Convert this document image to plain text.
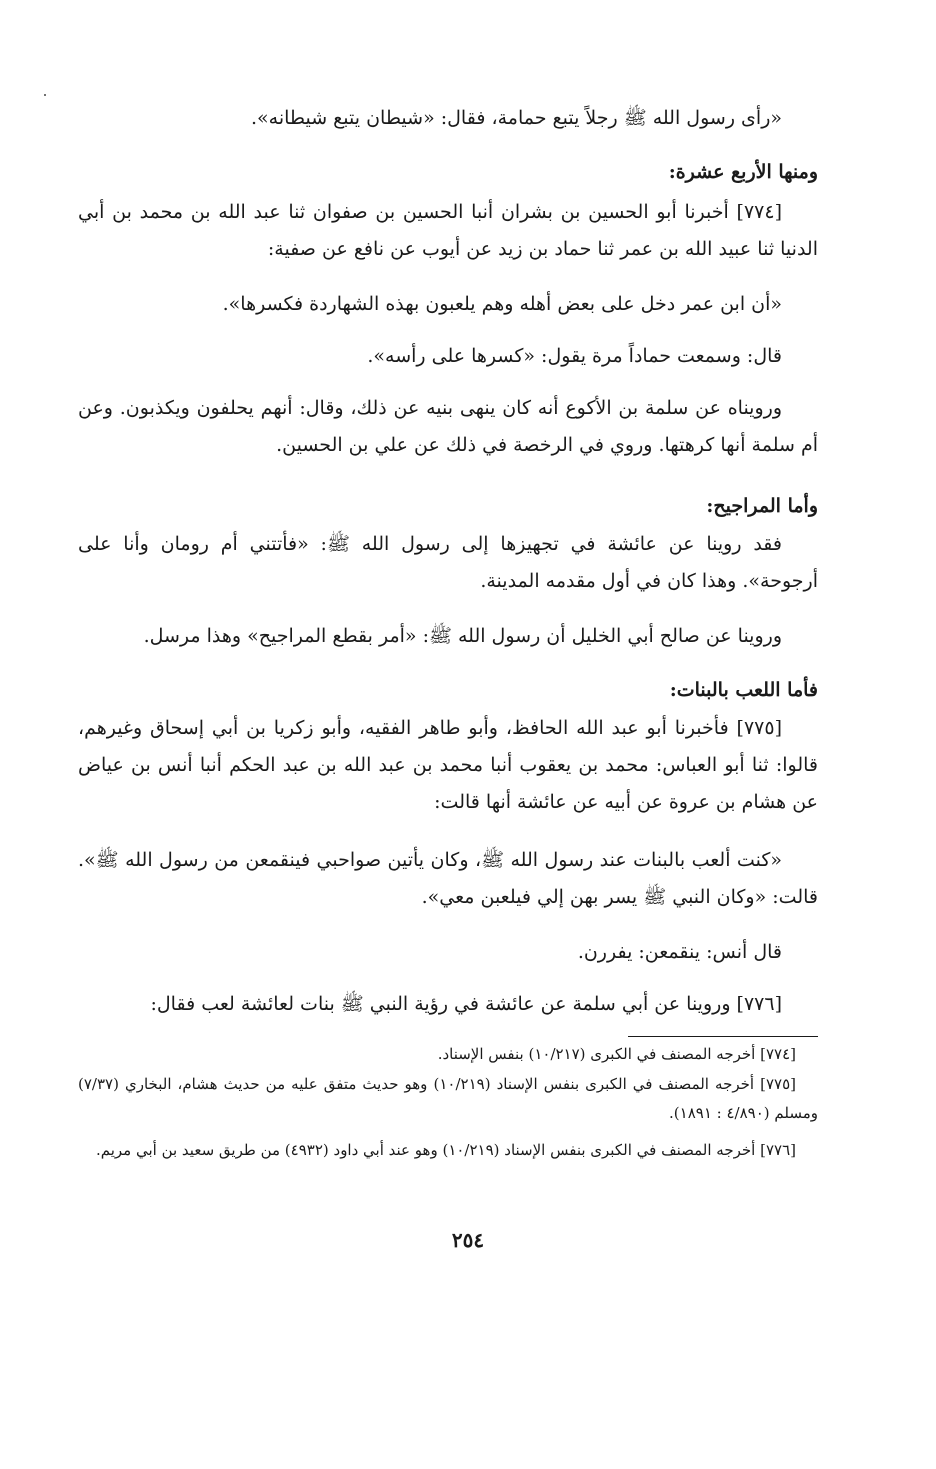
«رأى رسول الله ﷺ رجلاً يتبع حمامة، فقال: «شيطان يتبع شيطانه».
ومنها الأربع عشرة:
[٧٧٤] أخبرنا أبو الحسين بن بشران أنبا الحسين بن صفوان ثنا عبد الله بن محمد بن أبي الدنيا ثنا عبيد الله بن عمر ثنا حماد بن زيد عن أيوب عن نافع عن صفية:
«أن ابن عمر دخل على بعض أهله وهم يلعبون بهذه الشهاردة فكسرها».
قال: وسمعت حماداً مرة يقول: «كسرها على رأسه».
ورويناه عن سلمة بن الأكوع أنه كان ينهى بنيه عن ذلك، وقال: أنهم يحلفون ويكذبون. وعن أم سلمة أنها كرهتها. وروي في الرخصة في ذلك عن علي بن الحسين.
وأما المراجيح:
فقد روينا عن عائشة في تجهيزها إلى رسول الله ﷺ: «فأتتني أم رومان وأنا على أرجوحة». وهذا كان في أول مقدمه المدينة.
وروينا عن صالح أبي الخليل أن رسول الله ﷺ: «أمر بقطع المراجيح» وهذا مرسل.
فأما اللعب بالبنات:
[٧٧٥] فأخبرنا أبو عبد الله الحافظ، وأبو طاهر الفقيه، وأبو زكريا بن أبي إسحاق وغيرهم، قالوا: ثنا أبو العباس: محمد بن يعقوب أنبا محمد بن عبد الله بن عبد الحكم أنبا أنس بن عياض عن هشام بن عروة عن أبيه عن عائشة أنها قالت:
«كنت ألعب بالبنات عند رسول الله ﷺ، وكان يأتين صواحبي فينقمعن من رسول الله ﷺ». قالت: «وكان النبي ﷺ يسر بهن إلي فيلعبن معي».
قال أنس: ينقمعن: يفررن.
[٧٧٦] وروينا عن أبي سلمة عن عائشة في رؤية النبي ﷺ بنات لعائشة لعب فقال:
[٧٧٤] أخرجه المصنف في الكبرى (١٠/٢١٧) بنفس الإسناد.
[٧٧٥] أخرجه المصنف في الكبرى بنفس الإسناد (١٠/٢١٩) وهو حديث متفق عليه من حديث هشام، البخاري (٧/٣٧) ومسلم (٤/٨٩٠ : ١٨٩١).
[٧٧٦] أخرجه المصنف في الكبرى بنفس الإسناد (١٠/٢١٩) وهو عند أبي داود (٤٩٣٢) من طريق سعيد بن أبي مريم.
٢٥٤
